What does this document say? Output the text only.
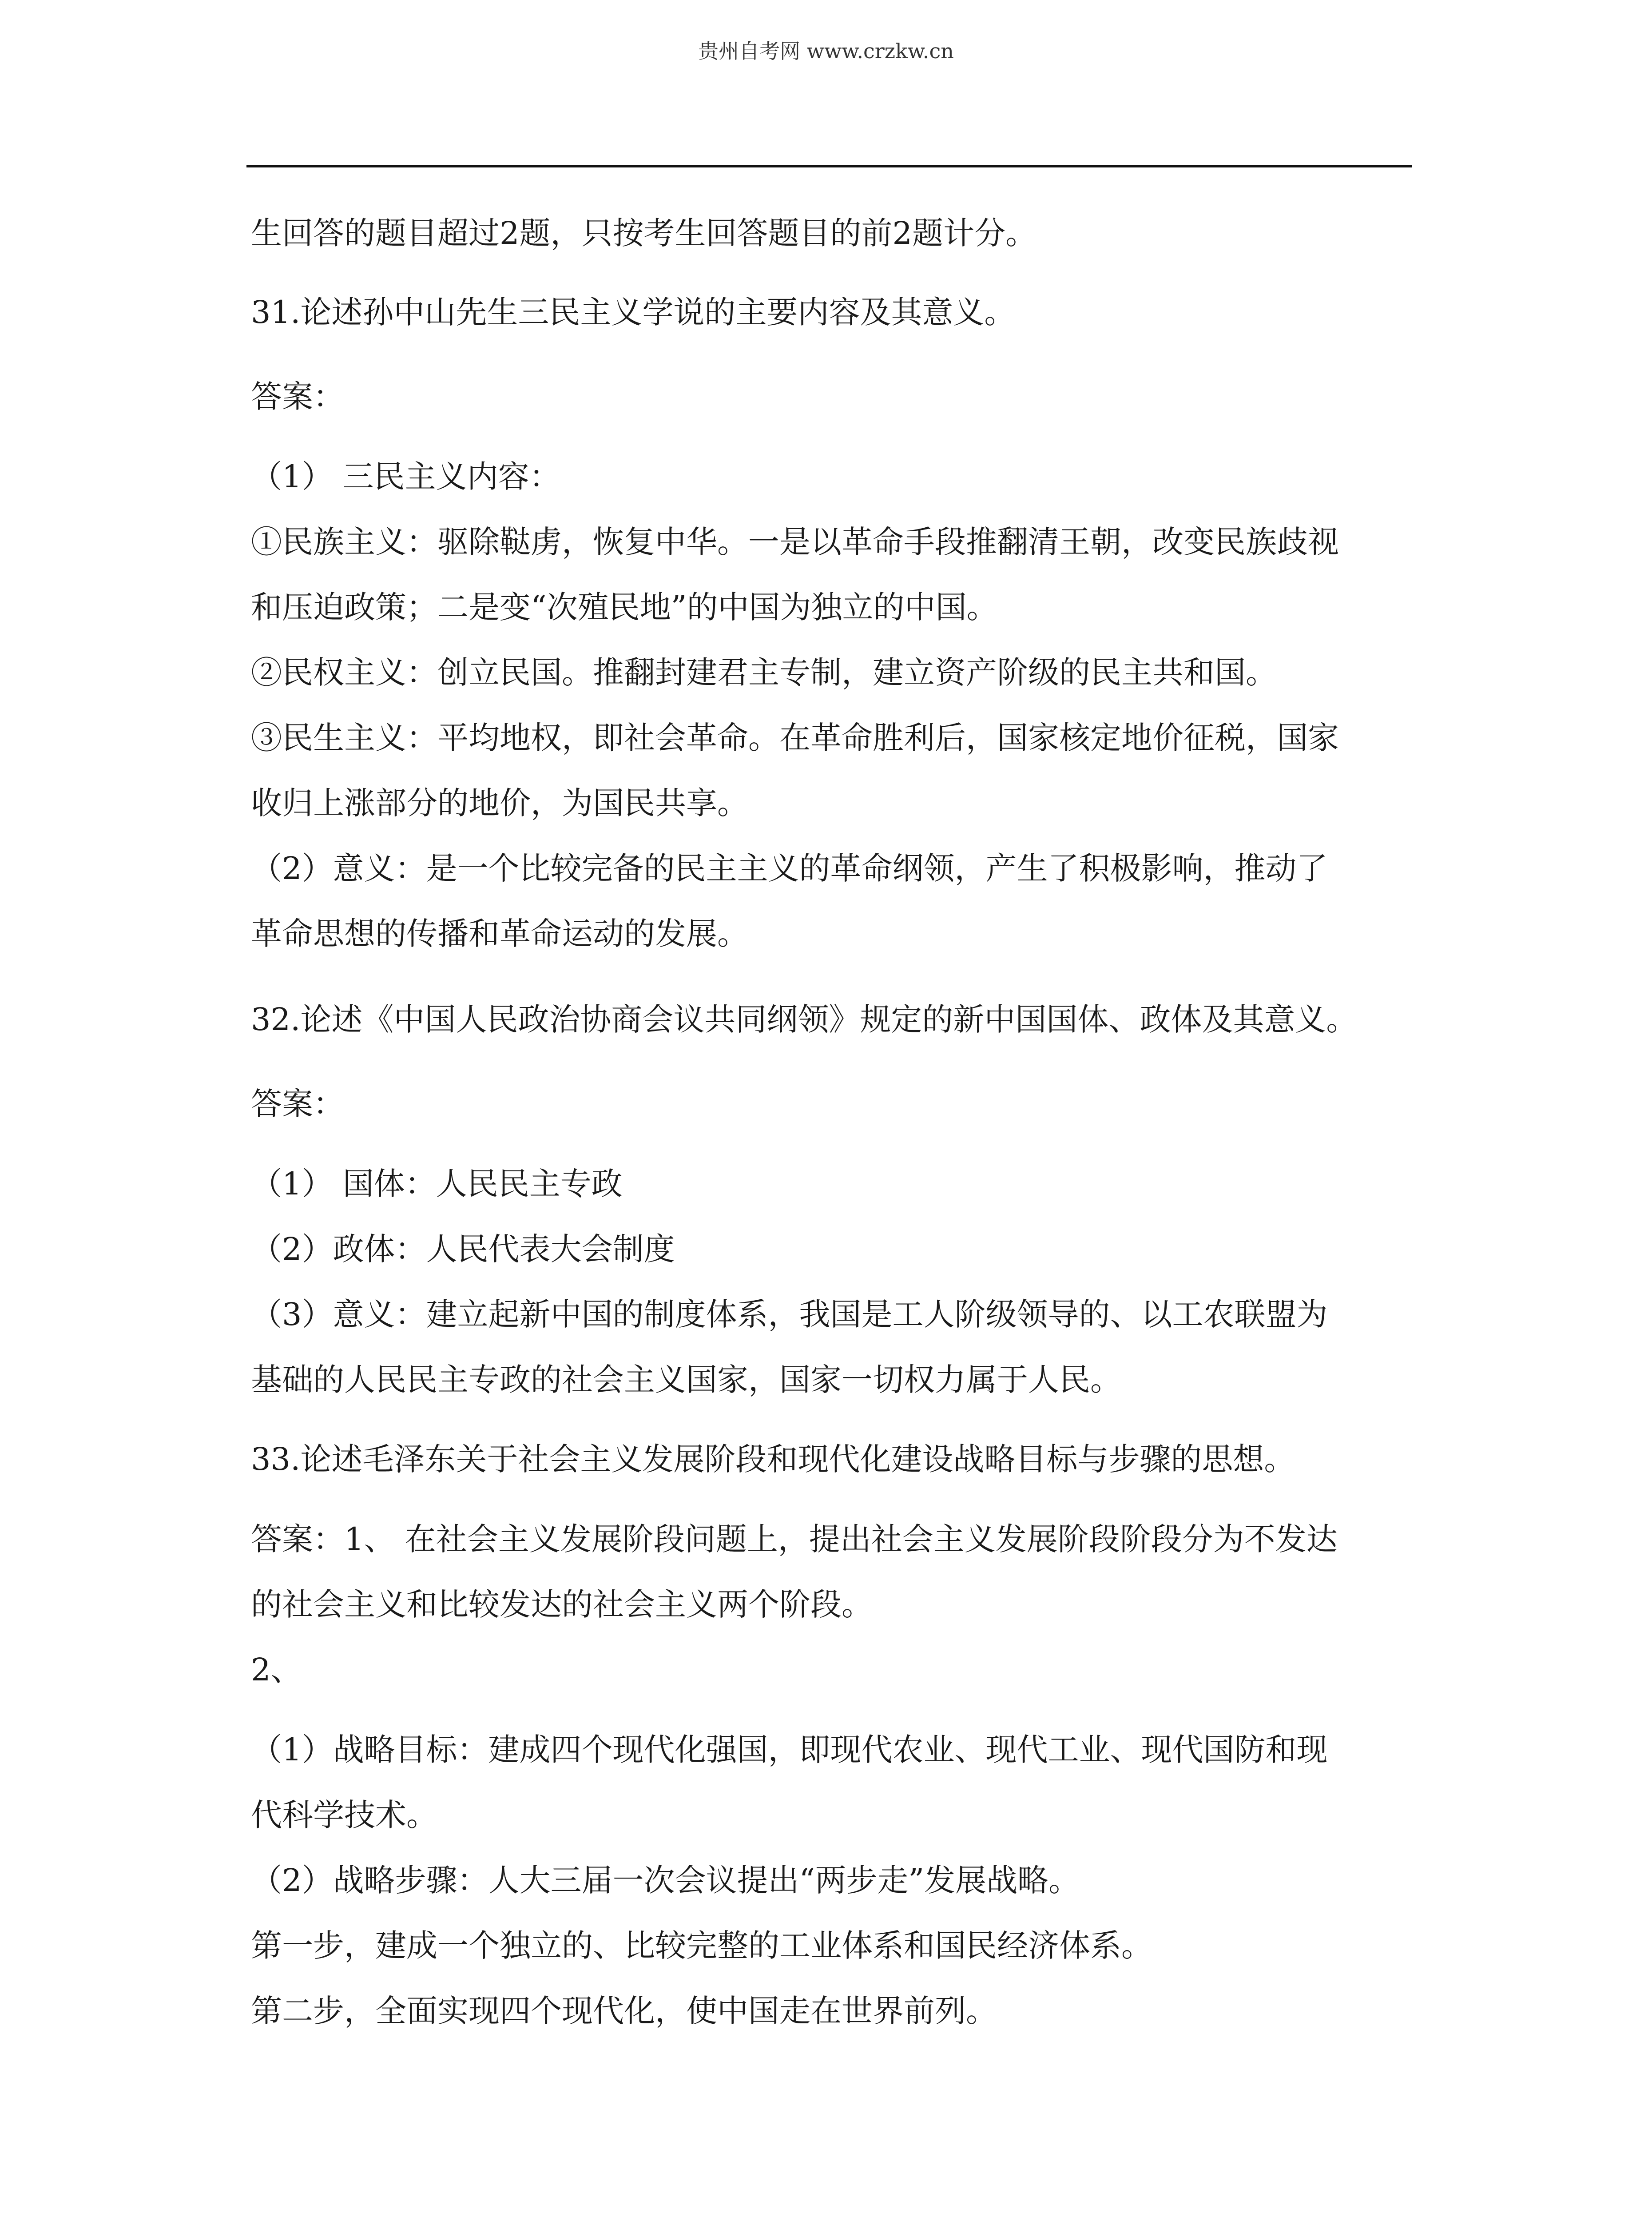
贵州自考网 www.crzkw.cn
生回答的题目超过2题，只按考生回答题目的前2题计分。
31.论述孙中山先生三民主义学说的主要内容及其意义。
答案：
（1） 三民主义内容：
①民族主义：驱除鞑虏，恢复中华。一是以革命手段推翻清王朝，改变民族歧视
和压迫政策；二是变“次殖民地”的中国为独立的中国。
②民权主义：创立民国。推翻封建君主专制，建立资产阶级的民主共和国。
③民生主义：平均地权，即社会革命。在革命胜利后，国家核定地价征税，国家
收归上涨部分的地价，为国民共享。
（2）意义：是一个比较完备的民主主义的革命纲领，产生了积极影响，推动了
革命思想的传播和革命运动的发展。
32.论述《中国人民政治协商会议共同纲领》规定的新中国国体、政体及其意义。
答案：
（1） 国体：人民民主专政
（2）政体：人民代表大会制度
（3）意义：建立起新中国的制度体系，我国是工人阶级领导的、以工农联盟为
基础的人民民主专政的社会主义国家，国家一切权力属于人民。
33.论述毛泽东关于社会主义发展阶段和现代化建设战略目标与步骤的思想。
答案：1、 在社会主义发展阶段问题上，提出社会主义发展阶段阶段分为不发达
的社会主义和比较发达的社会主义两个阶段。
2、
（1）战略目标：建成四个现代化强国，即现代农业、现代工业、现代国防和现
代科学技术。
（2）战略步骤：人大三届一次会议提出“两步走”发展战略。
第一步，建成一个独立的、比较完整的工业体系和国民经济体系。
第二步，全面实现四个现代化，使中国走在世界前列。
